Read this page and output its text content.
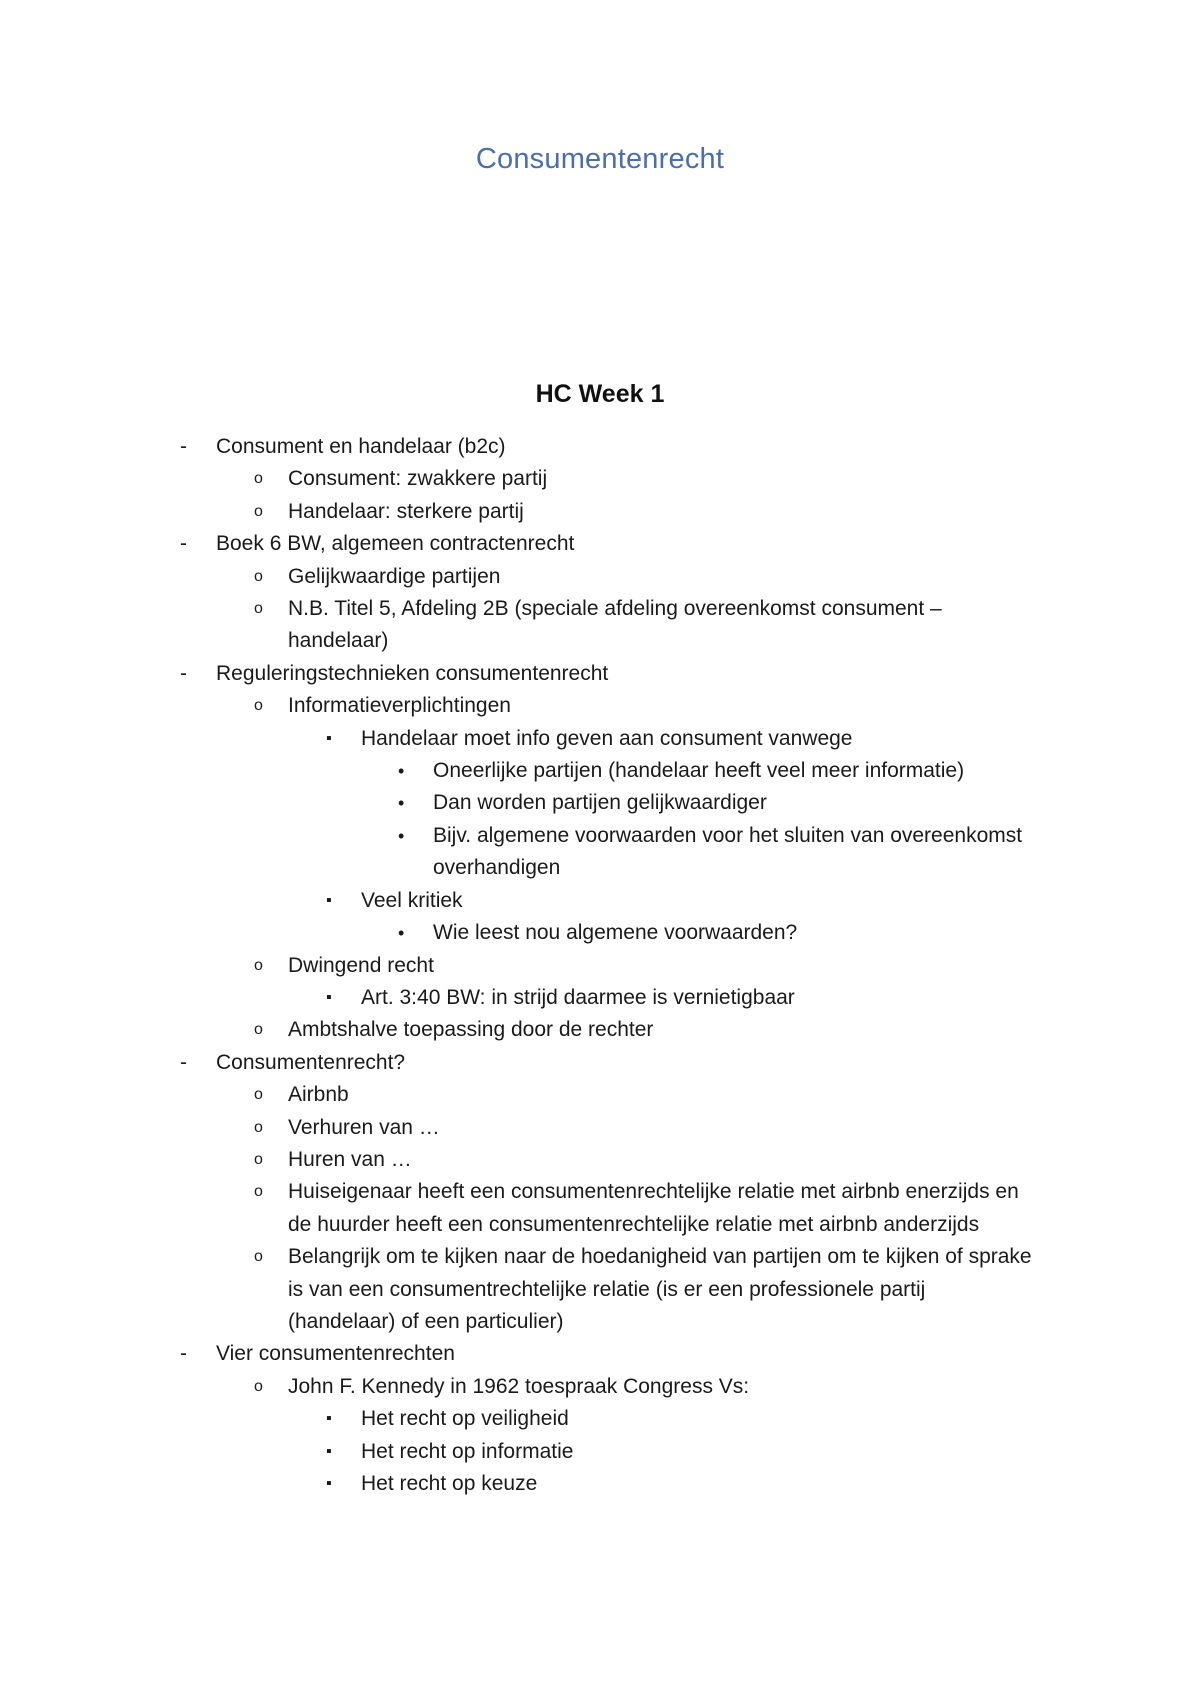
Consumentenrecht
HC Week 1
- Consument en handelaar (b2c)
o Consument: zwakkere partij
o Handelaar: sterkere partij
- Boek 6 BW, algemeen contractenrecht
o Gelijkwaardige partijen
o N.B. Titel 5, Afdeling 2B (speciale afdeling overeenkomst consument – handelaar)
- Reguleringstechnieken consumentenrecht
o Informatieverplichtingen
▪ Handelaar moet info geven aan consument vanwege
• Oneerlijke partijen (handelaar heeft veel meer informatie)
• Dan worden partijen gelijkwaardiger
• Bijv. algemene voorwaarden voor het sluiten van overeenkomst overhandigen
▪ Veel kritiek
• Wie leest nou algemene voorwaarden?
o Dwingend recht
▪ Art. 3:40 BW: in strijd daarmee is vernietigbaar
o Ambtshalve toepassing door de rechter
- Consumentenrecht?
o Airbnb
o Verhuren van …
o Huren van …
o Huiseigenaar heeft een consumentenrechtelijke relatie met airbnb enerzijds en de huurder heeft een consumentenrechtelijke relatie met airbnb anderzijds
o Belangrijk om te kijken naar de hoedanigheid van partijen om te kijken of sprake is van een consumentrechtelijke relatie (is er een professionele partij (handelaar) of een particulier)
- Vier consumentenrechten
o John F. Kennedy in 1962 toespraak Congress Vs:
▪ Het recht op veiligheid
▪ Het recht op informatie
▪ Het recht op keuze
